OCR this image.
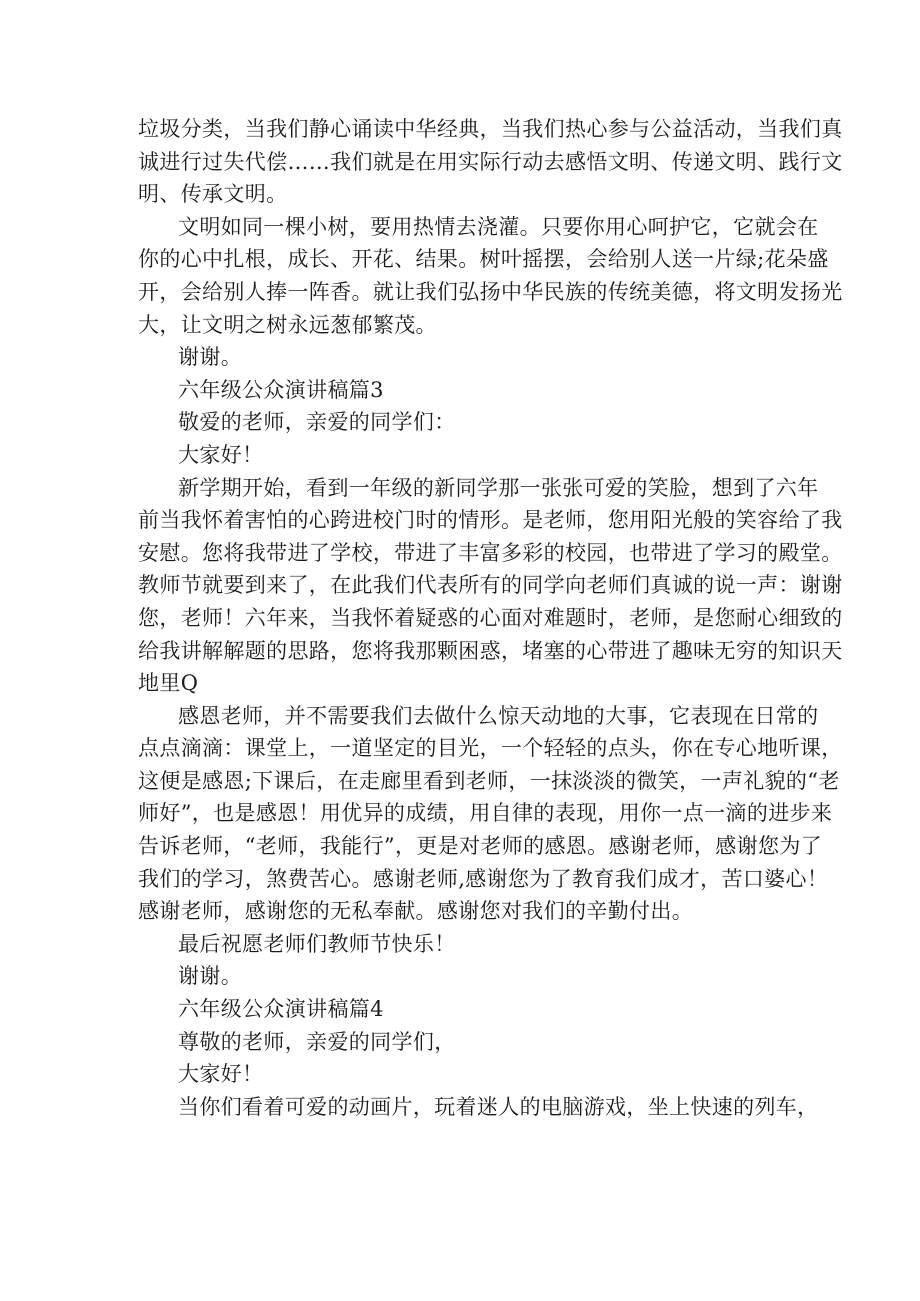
垃圾分类，当我们静心诵读中华经典，当我们热心参与公益活动，当我们真
诚进行过失代偿……我们就是在用实际行动去感悟文明、传递文明、践行文
明、传承文明。
文明如同一棵小树，要用热情去浇灌。只要你用心呵护它，它就会在
你的心中扎根，成长、开花、结果。树叶摇摆，会给别人送一片绿;花朵盛
开，会给别人捧一阵香。就让我们弘扬中华民族的传统美德，将文明发扬光
大，让文明之树永远葱郁繁茂。
谢谢。
六年级公众演讲稿篇3
敬爱的老师，亲爱的同学们：
大家好！
新学期开始，看到一年级的新同学那一张张可爱的笑脸，想到了六年
前当我怀着害怕的心跨进校门时的情形。是老师，您用阳光般的笑容给了我
安慰。您将我带进了学校，带进了丰富多彩的校园，也带进了学习的殿堂。
教师节就要到来了，在此我们代表所有的同学向老师们真诚的说一声：谢谢
您，老师！六年来，当我怀着疑惑的心面对难题时，老师，是您耐心细致的
给我讲解解题的思路，您将我那颗困惑，堵塞的心带进了趣味无穷的知识天
地里Q
感恩老师，并不需要我们去做什么惊天动地的大事，它表现在日常的
点点滴滴：课堂上，一道坚定的目光，一个轻轻的点头，你在专心地听课，
这便是感恩;下课后，在走廊里看到老师，一抹淡淡的微笑，一声礼貌的“老
师好”，也是感恩！用优异的成绩，用自律的表现，用你一点一滴的进步来
告诉老师，“老师，我能行”，更是对老师的感恩。感谢老师，感谢您为了
我们的学习，煞费苦心。感谢老师,感谢您为了教育我们成才，苦口婆心！
感谢老师，感谢您的无私奉献。感谢您对我们的辛勤付出。
最后祝愿老师们教师节快乐！
谢谢。
六年级公众演讲稿篇4
尊敬的老师，亲爱的同学们，
大家好！
当你们看着可爱的动画片，玩着迷人的电脑游戏，坐上快速的列车，
